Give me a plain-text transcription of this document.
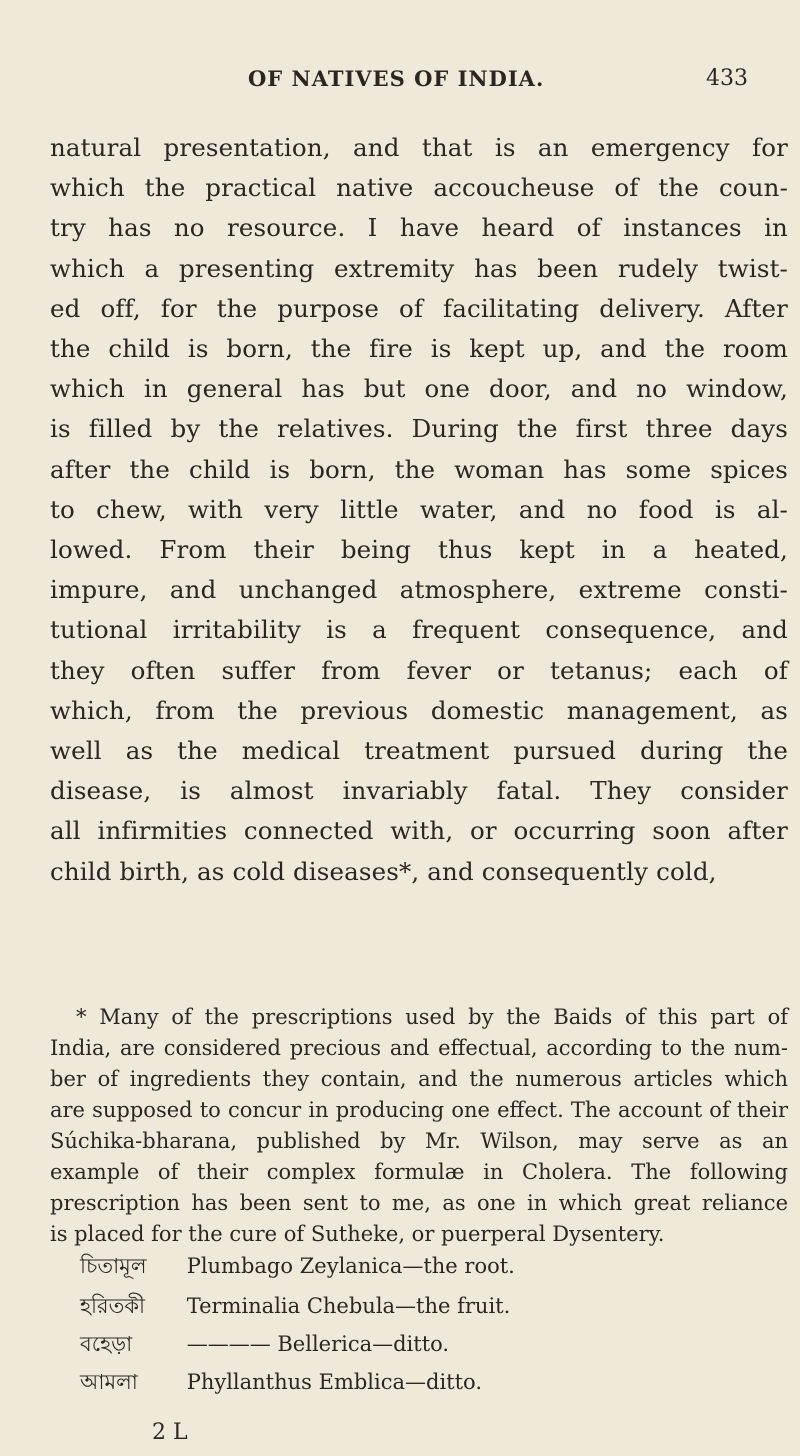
OF NATIVES OF INDIA.	433
natural presentation, and that is an emergency for
which the practical native accoucheuse of the coun-
try has no resource. I have heard of instances in
which a presenting extremity has been rudely twist-
ed off, for the purpose of facilitating delivery. After
the child is born, the fire is kept up, and the room
which in general has but one door, and no window,
is filled by the relatives. During the first three days
after the child is born, the woman has some spices
to chew, with very little water, and no food is al-
lowed. From their being thus kept in a heated,
impure, and unchanged atmosphere, extreme consti-
tutional irritability is a frequent consequence, and
they often suffer from fever or tetanus; each of
which, from the previous domestic management, as
well as the medical treatment pursued during the
disease, is almost invariably fatal. They consider
all infirmities connected with, or occurring soon after
child birth, as cold diseases*, and consequently cold,
* Many of the prescriptions used by the Baids of this part of
India, are considered precious and effectual, according to the num-
ber of ingredients they contain, and the numerous articles which
are supposed to concur in producing one effect. The account of their
Súchika-bharana, published by Mr. Wilson, may serve as an
example of their complex formulæ in Cholera. The following
prescription has been sent to me, as one in which great reliance
is placed for the cure of Sutheke, or puerperal Dysentery.
চিতামূল Plumbago Zeylanica—the root.
হরিতকী Terminalia Chebula—the fruit.
বহেড়া	———— Bellerica—ditto.
আমলা Phyllanthus Emblica—ditto.
2 L
